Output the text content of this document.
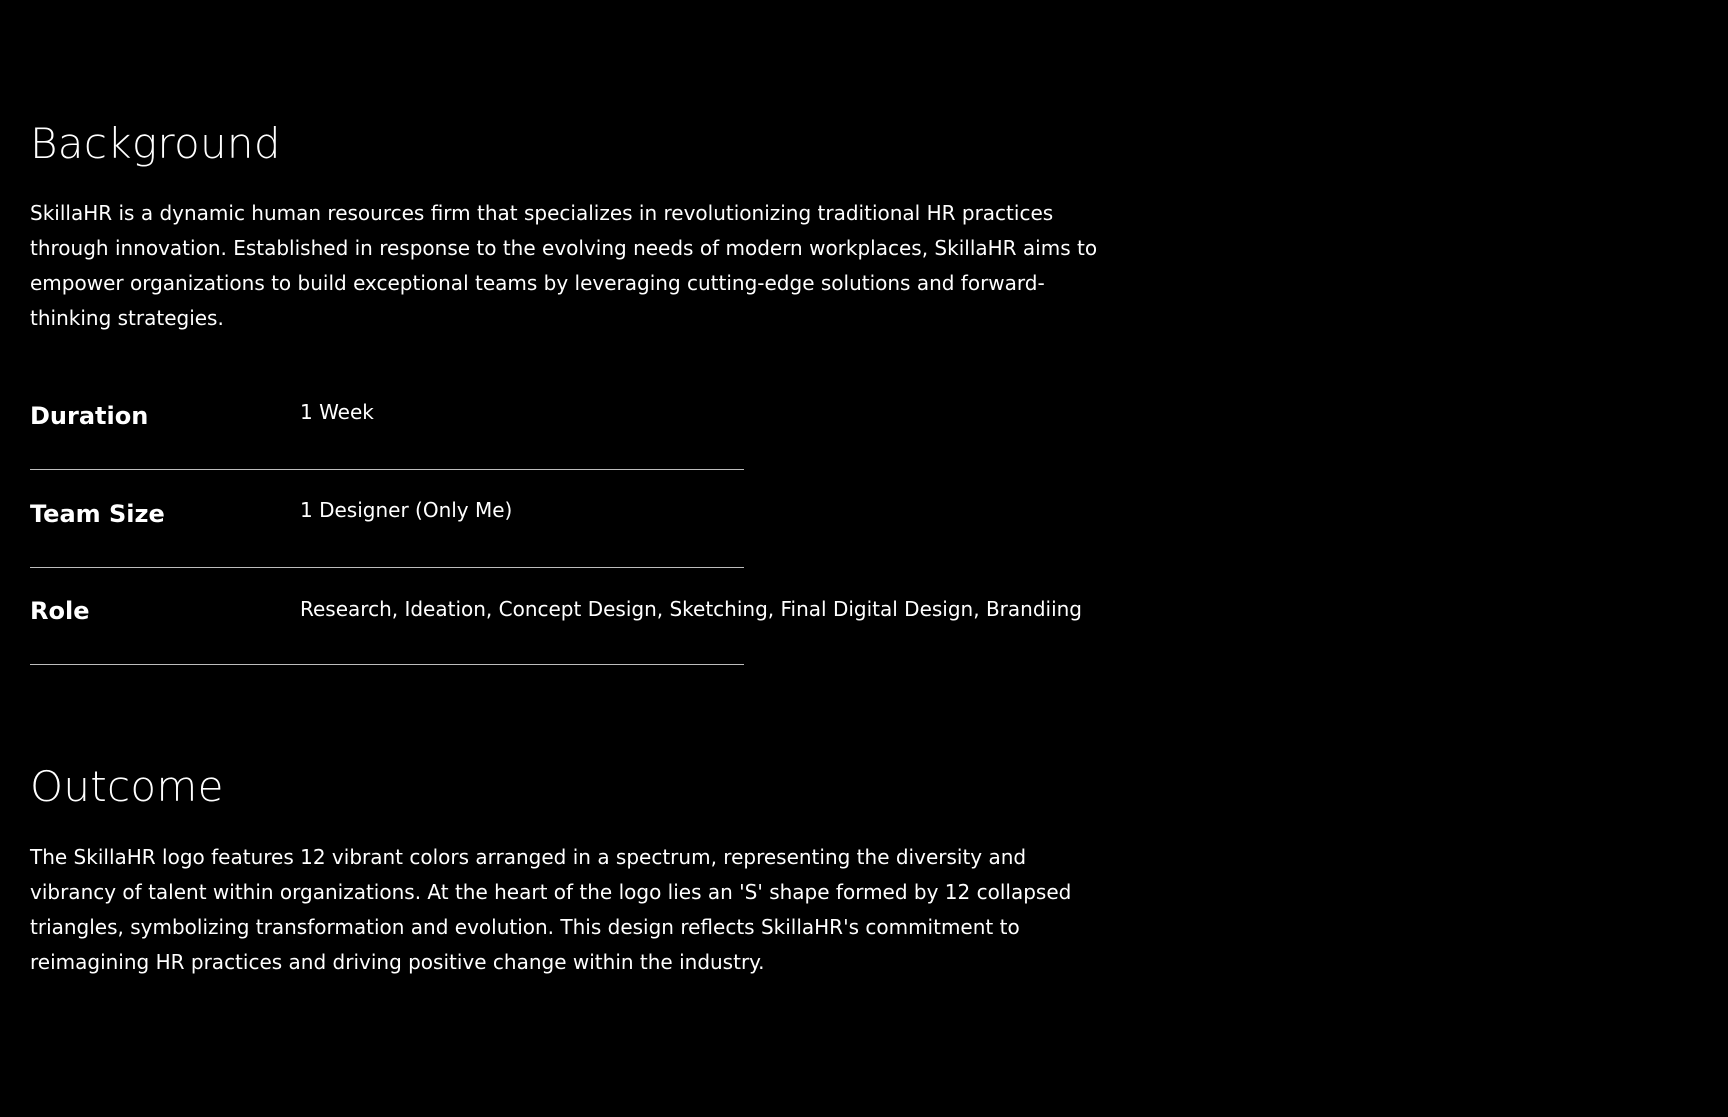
Background

SkillaHR is a dynamic human resources firm that specializes in revolutionizing traditional HR practices through innovation. Established in response to the evolving needs of modern workplaces, SkillaHR aims to empower organizations to build exceptional teams by leveraging cutting-edge solutions and forward-thinking strategies.

Duration	1 Week
Team Size	1 Designer (Only Me)
Role	Research, Ideation, Concept Design, Sketching, Final Digital Design, Brandiing
Outcome

The SkillaHR logo features 12 vibrant colors arranged in a spectrum, representing the diversity and vibrancy of talent within organizations. At the heart of the logo lies an 'S' shape formed by 12 collapsed triangles, symbolizing transformation and evolution. This design reflects SkillaHR's commitment to reimagining HR practices and driving positive change within the industry.
